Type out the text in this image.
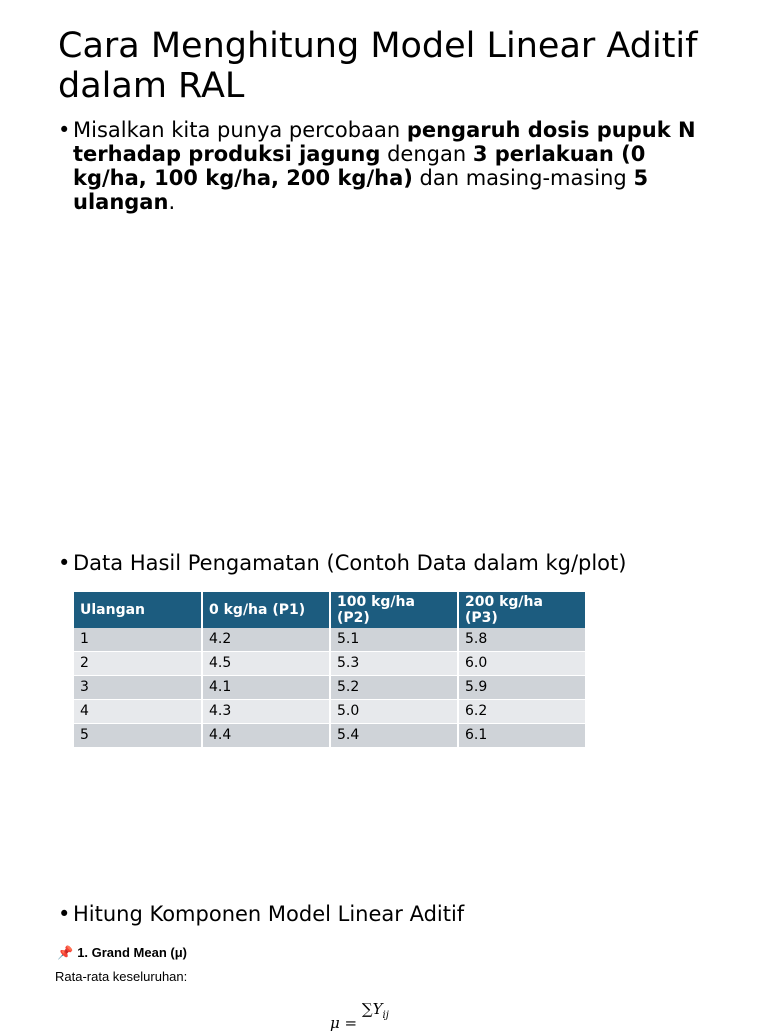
Cara Menghitung Model Linear Aditif dalam RAL
• Misalkan kita punya percobaan pengaruh dosis pupuk N terhadap produksi jagung dengan 3 perlakuan (0 kg/ha, 100 kg/ha, 200 kg/ha) dan masing-masing 5 ulangan.
• Data Hasil Pengamatan (Contoh Data dalam kg/plot)
Ulangan	0 kg/ha (P1)	100 kg/ha (P2)	200 kg/ha (P3)
1	4.2	5.1	5.8
2	4.5	5.3	6.0
3	4.1	5.2	5.9
4	4.3	5.0	6.2
5	4.4	5.4	6.1
• Hitung Komponen Model Linear Aditif
📌 1. Grand Mean (μ)
Rata-rata keseluruhan:
$\mu = \sum Y_{ij}$
